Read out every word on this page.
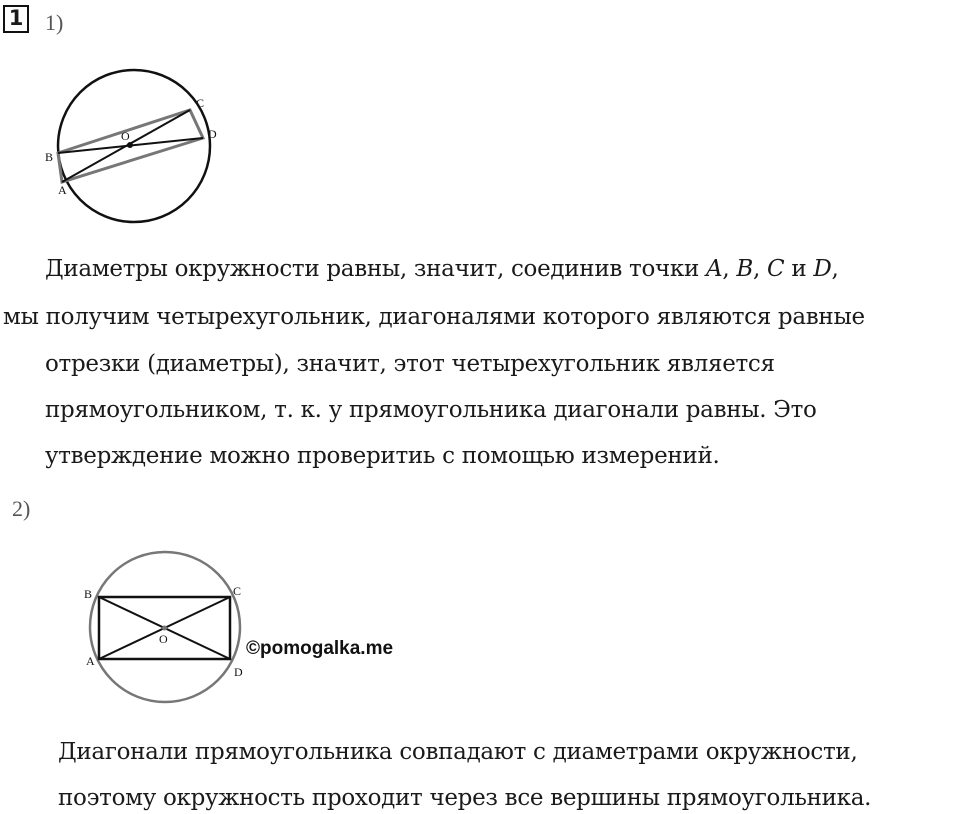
1 1)
A
B
C
D
O
Диаметры окружности равны, значит, соединив точки A, B, C и D,
мы получим четырехугольник, диагоналями которого являются равные
отрезки (диаметры), значит, этот четырехугольник является
прямоугольником, т. к. у прямоугольника диагонали равны. Это
утверждение можно проверитиь с помощью измерений.
2)
A
B	C
D
O	©pomogalka.me
Диагонали прямоугольника совпадают с диаметрами окружности,
поэтому окружность проходит через все вершины прямоугольника.
